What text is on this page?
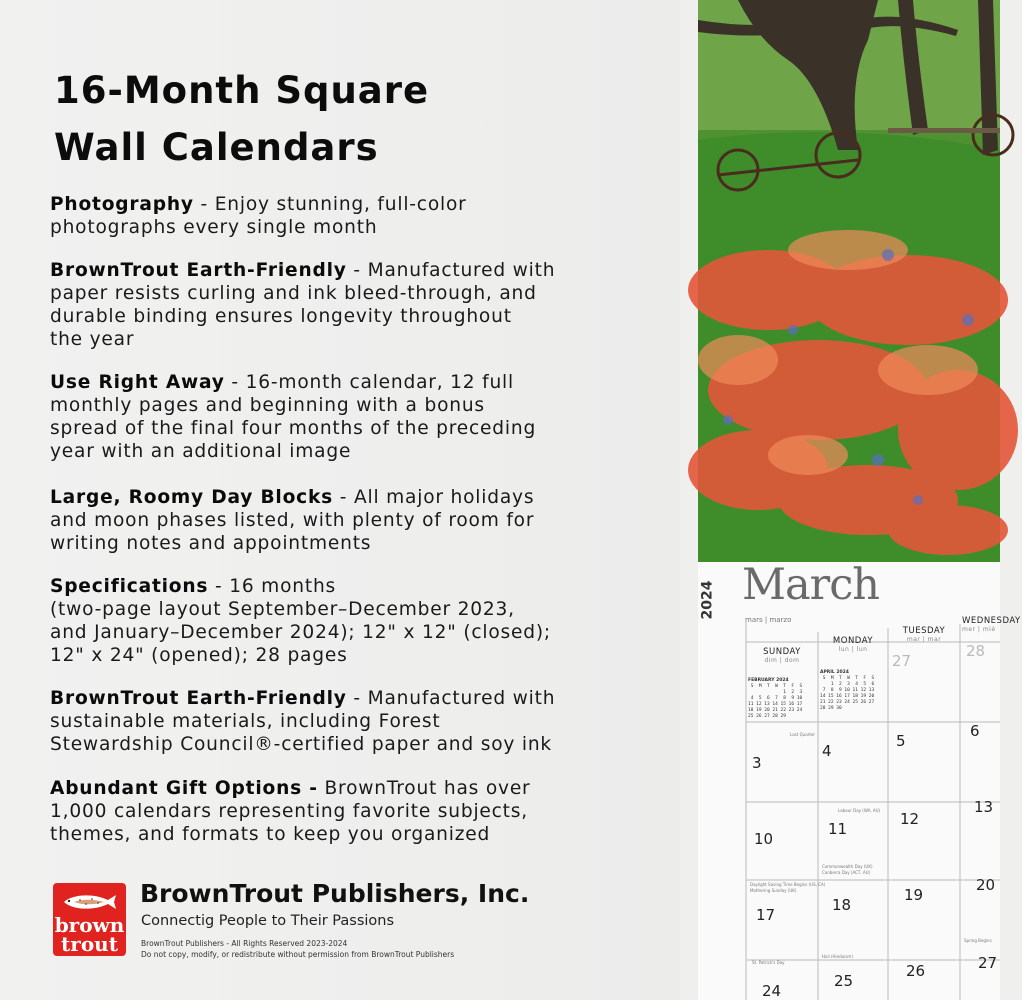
16-Month Square
Wall Calendars
Photography - Enjoy stunning, full-color
photographs every single month
BrownTrout Earth-Friendly - Manufactured with
paper resists curling and ink bleed-through, and
durable binding ensures longevity throughout
the year
Use Right Away - 16-month calendar, 12 full
monthly pages and beginning with a bonus
spread of the final four months of the preceding
year with an additional image
Large, Roomy Day Blocks - All major holidays
and moon phases listed, with plenty of room for
writing notes and appointments
Specifications - 16 months
(two-page layout September–December 2023,
and January–December 2024); 12" x 12" (closed);
12" x 24" (opened); 28 pages
BrownTrout Earth-Friendly - Manufactured with
sustainable materials, including Forest
Stewardship Council®-certified paper and soy ink
Abundant Gift Options - BrownTrout has over
1,000 calendars representing favorite subjects,
themes, and formats to keep you organized
brown
trout
BrownTrout Publishers, Inc.
Connectig People to Their Passions
BrownTrout Publishers - All Rights Reserved 2023-2024
Do not copy, modify, or redistribute without permission from BrownTrout Publishers
2024 March
mars | marzo
SUNDAY
dim | dom
MONDAY
lun | lun
TUESDAY
mar | mar
WEDNESDAY
mer | mié
FEBRUARY 2024
S  M  T  W  T  F  S
1  2  3
4  5  6  7  8  9 10
11 12 13 14 15 16 17
18 19 20 21 22 23 24
25 26 27 28 29
APRIL 2024
S  M  T  W  T  F  S
1  2  3  4  5  6
7  8  9 10 11 12 13
14 15 16 17 18 19 20
21 22 23 24 25 26 27
28 29 30
27
28
3
4
5
6
10
11
12
13
17
18
19
20
24
25
26	27
Last Quarter
Labour Day (WA, AU)
Daylight Saving Time Begins (US, CA)
Mothering Sunday (UK)
Commonwealth Day (UK)
Canberra Day (ACT, AU)
St. Patrick's Day
Spring Begins
Holi (Hinduism)
